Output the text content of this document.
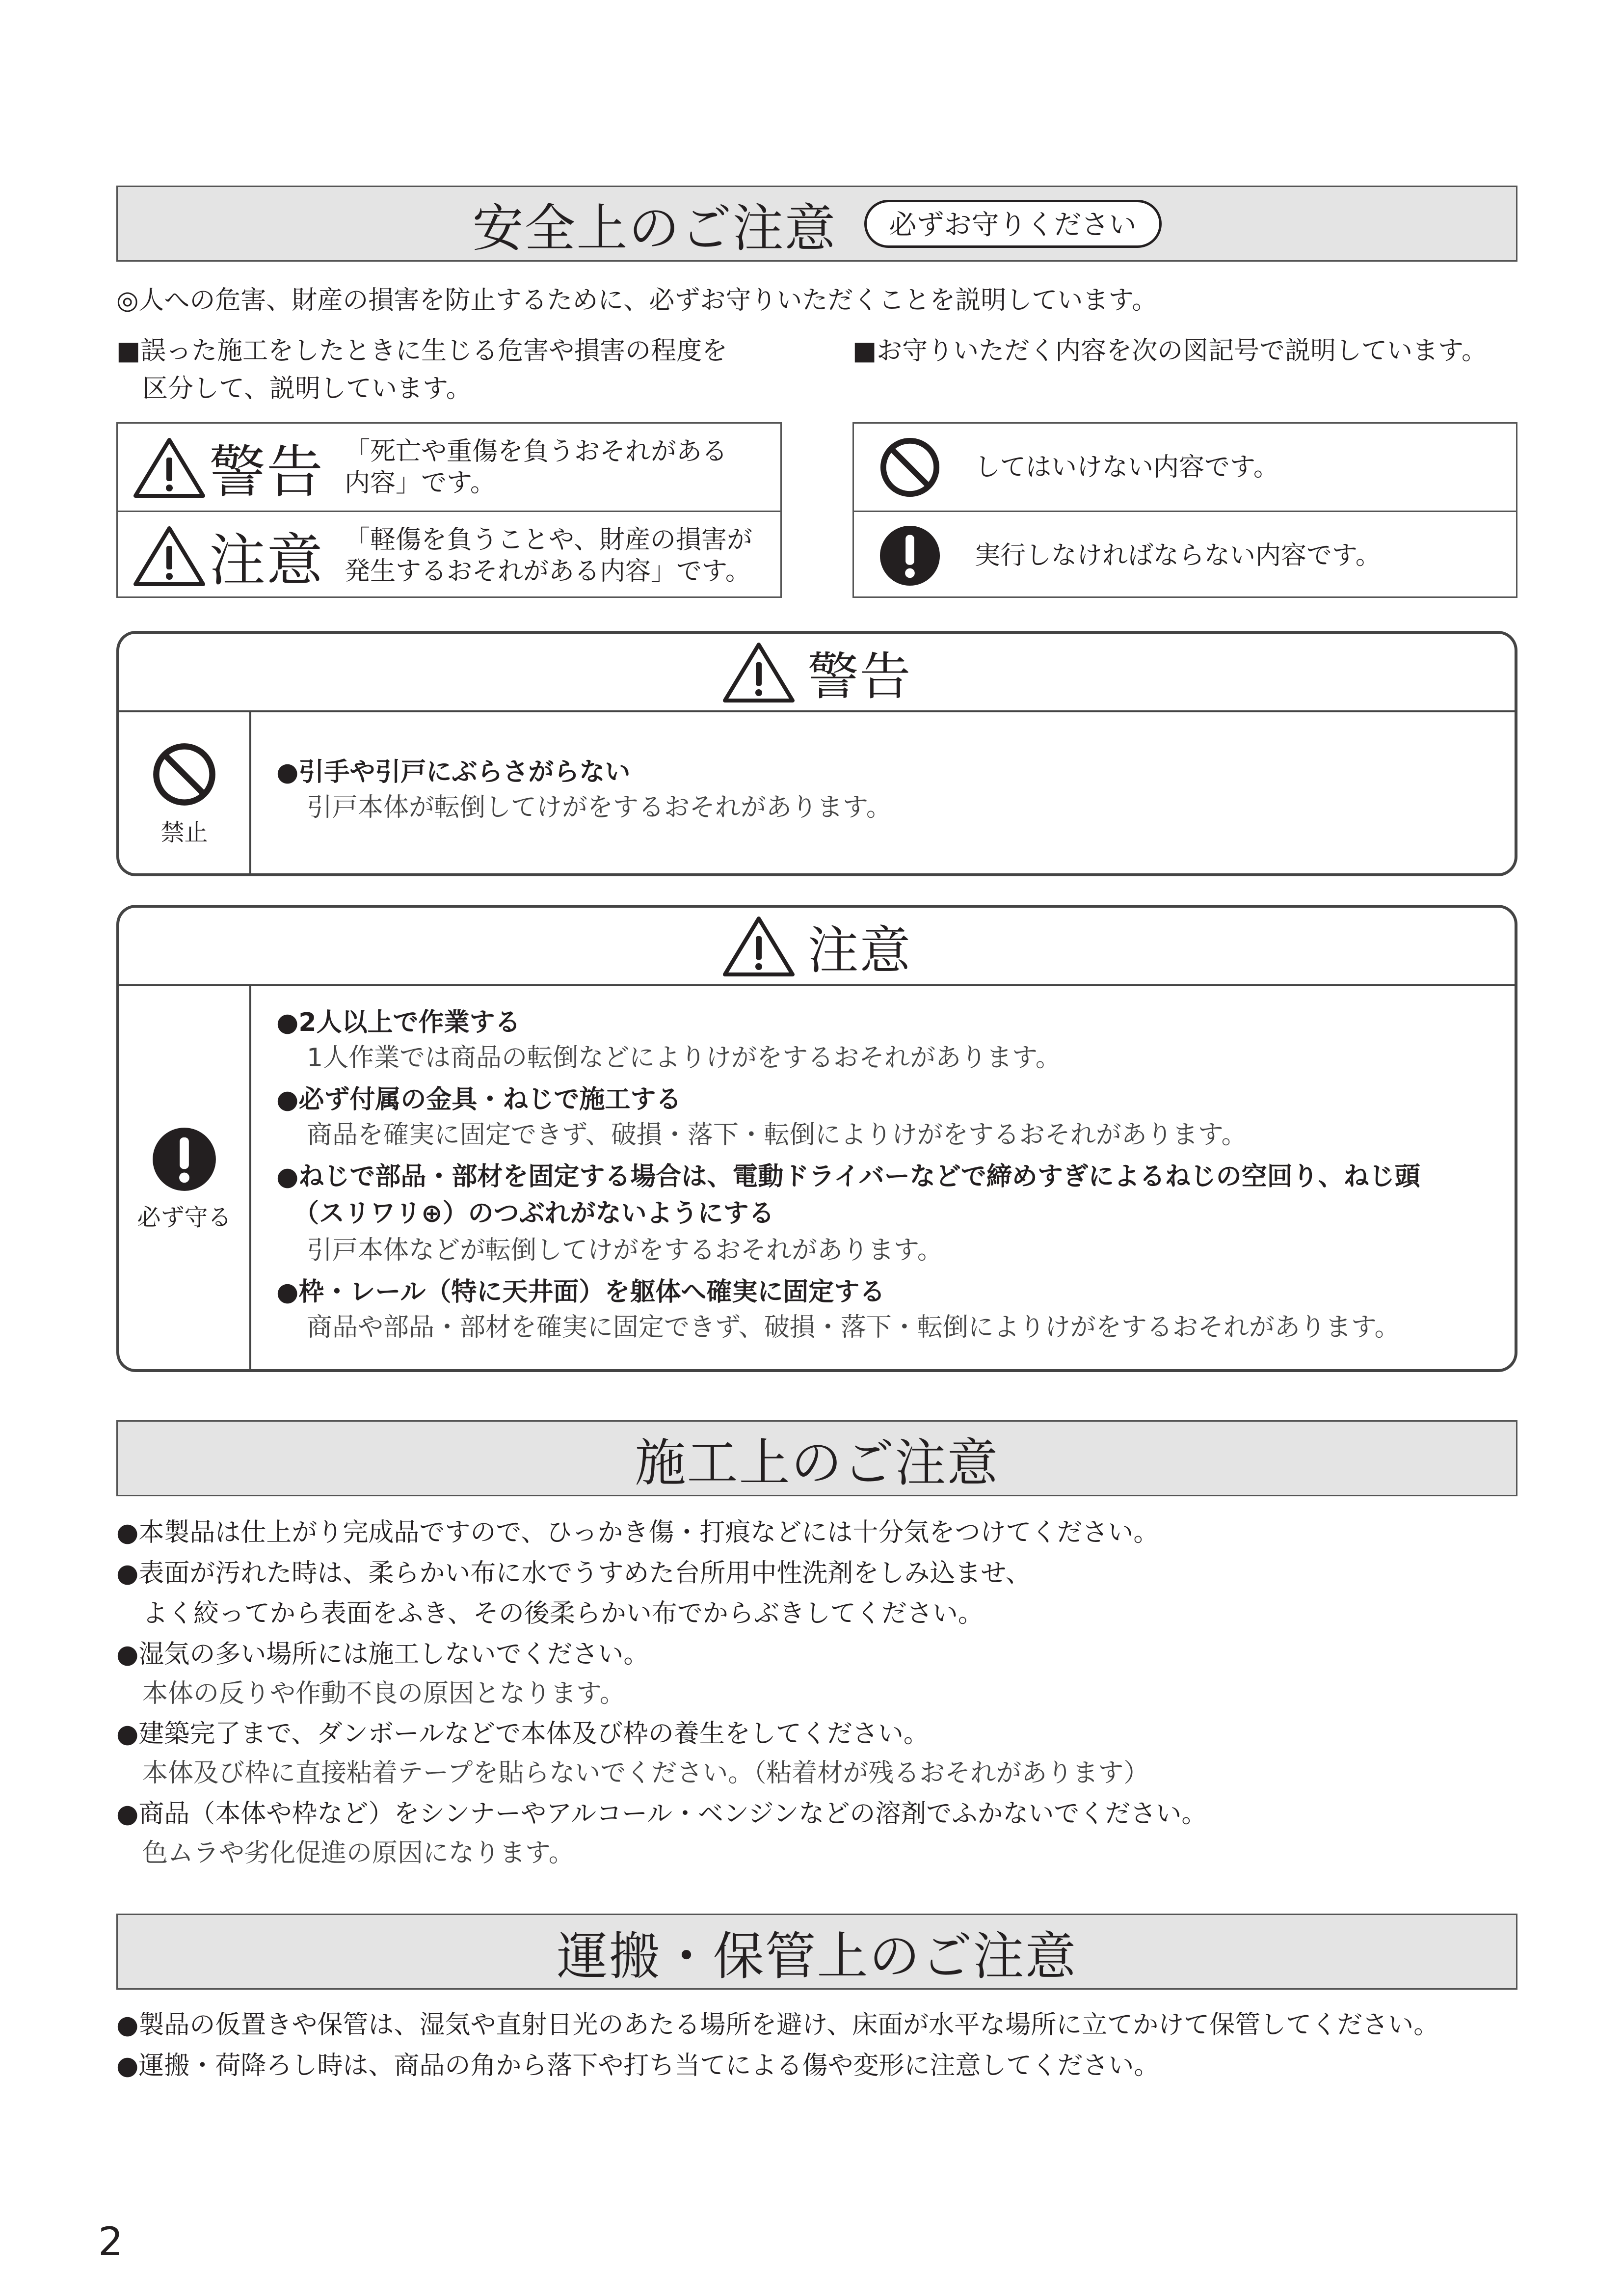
安全上のご注意	必ずお守りください
◎人への危害、財産の損害を防止するために、必ずお守りいただくことを説明しています。
■誤った施工をしたときに生じる危害や損害の程度を
区分して、説明しています。
■お守りいただく内容を次の図記号で説明しています。
警告 「死亡や重傷を負うおそれがある
内容」です。
注意 「軽傷を負うことや、財産の損害が
発生するおそれがある内容」です。
してはいけない内容です。
実行しなければならない内容です。
警告
禁止
●引手や引戸にぶらさがらない
引戸本体が転倒してけがをするおそれがあります。
注意
必ず守る
●2人以上で作業する
1人作業では商品の転倒などによりけがをするおそれがあります。
●必ず付属の金具・ねじで施工する
商品を確実に固定できず、破損・落下・転倒によりけがをするおそれがあります。
●ねじで部品・部材を固定する場合は、電動ドライバーなどで締めすぎによるねじの空回り、ねじ頭
（スリワリ⊕）のつぶれがないようにする
引戸本体などが転倒してけがをするおそれがあります。
●枠・レール（特に天井面）を躯体へ確実に固定する
商品や部品・部材を確実に固定できず、破損・落下・転倒によりけがをするおそれがあります。
施工上のご注意
●本製品は仕上がり完成品ですので、ひっかき傷・打痕などには十分気をつけてください。
●表面が汚れた時は、柔らかい布に水でうすめた台所用中性洗剤をしみ込ませ、
よく絞ってから表面をふき、その後柔らかい布でからぶきしてください。
●湿気の多い場所には施工しないでください。
本体の反りや作動不良の原因となります。
●建築完了まで、ダンボールなどで本体及び枠の養生をしてください。
本体及び枠に直接粘着テープを貼らないでください。（粘着材が残るおそれがあります）
●商品（本体や枠など）をシンナーやアルコール・ベンジンなどの溶剤でふかないでください。
色ムラや劣化促進の原因になります。
運搬・保管上のご注意
●製品の仮置きや保管は、湿気や直射日光のあたる場所を避け、床面が水平な場所に立てかけて保管してください。
●運搬・荷降ろし時は、商品の角から落下や打ち当てによる傷や変形に注意してください。
2
